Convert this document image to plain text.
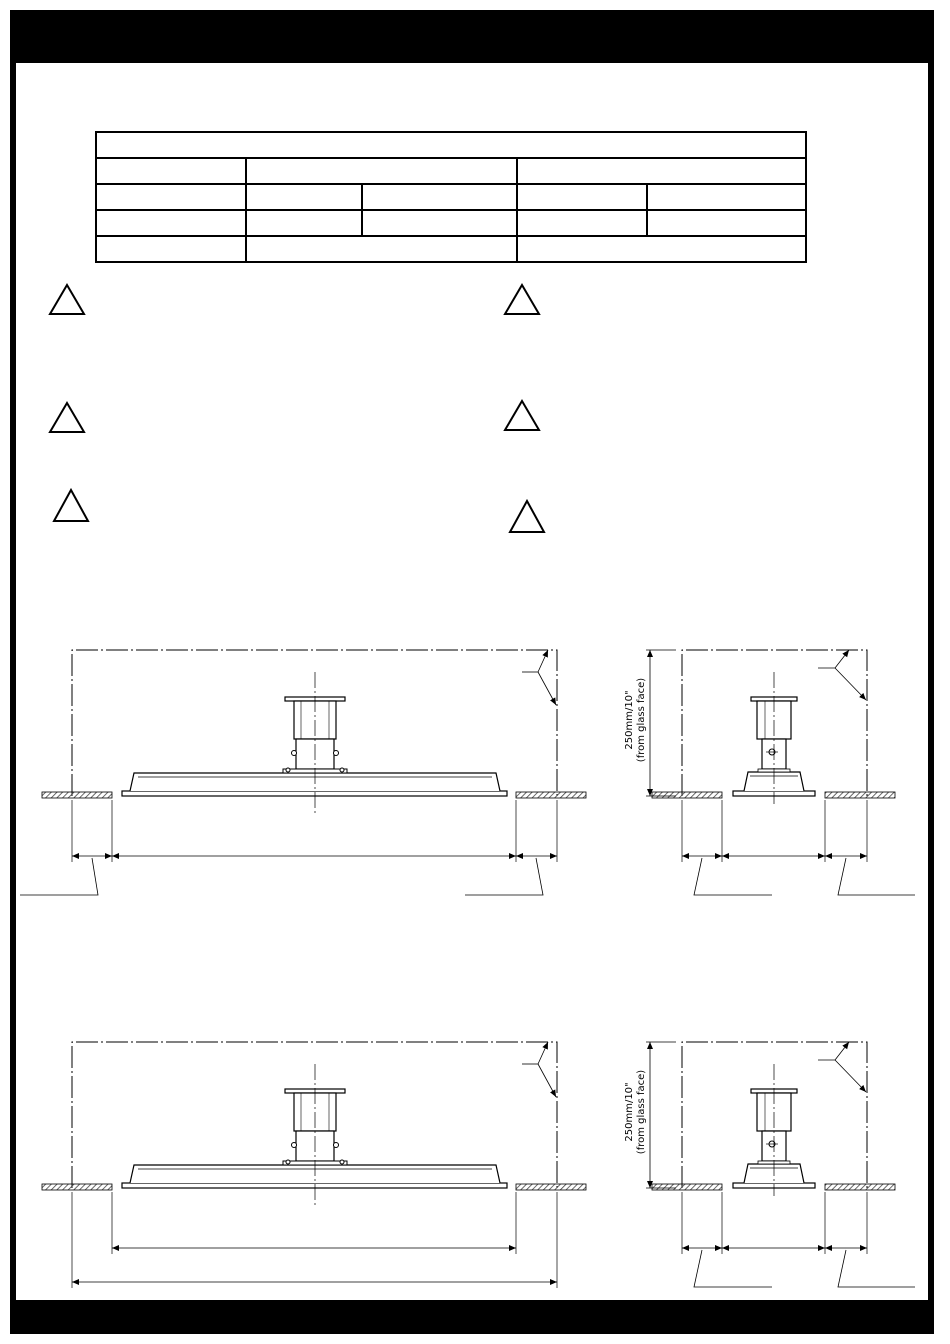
250mm/10" (from glass face)
250mm/10" (from glass face)
